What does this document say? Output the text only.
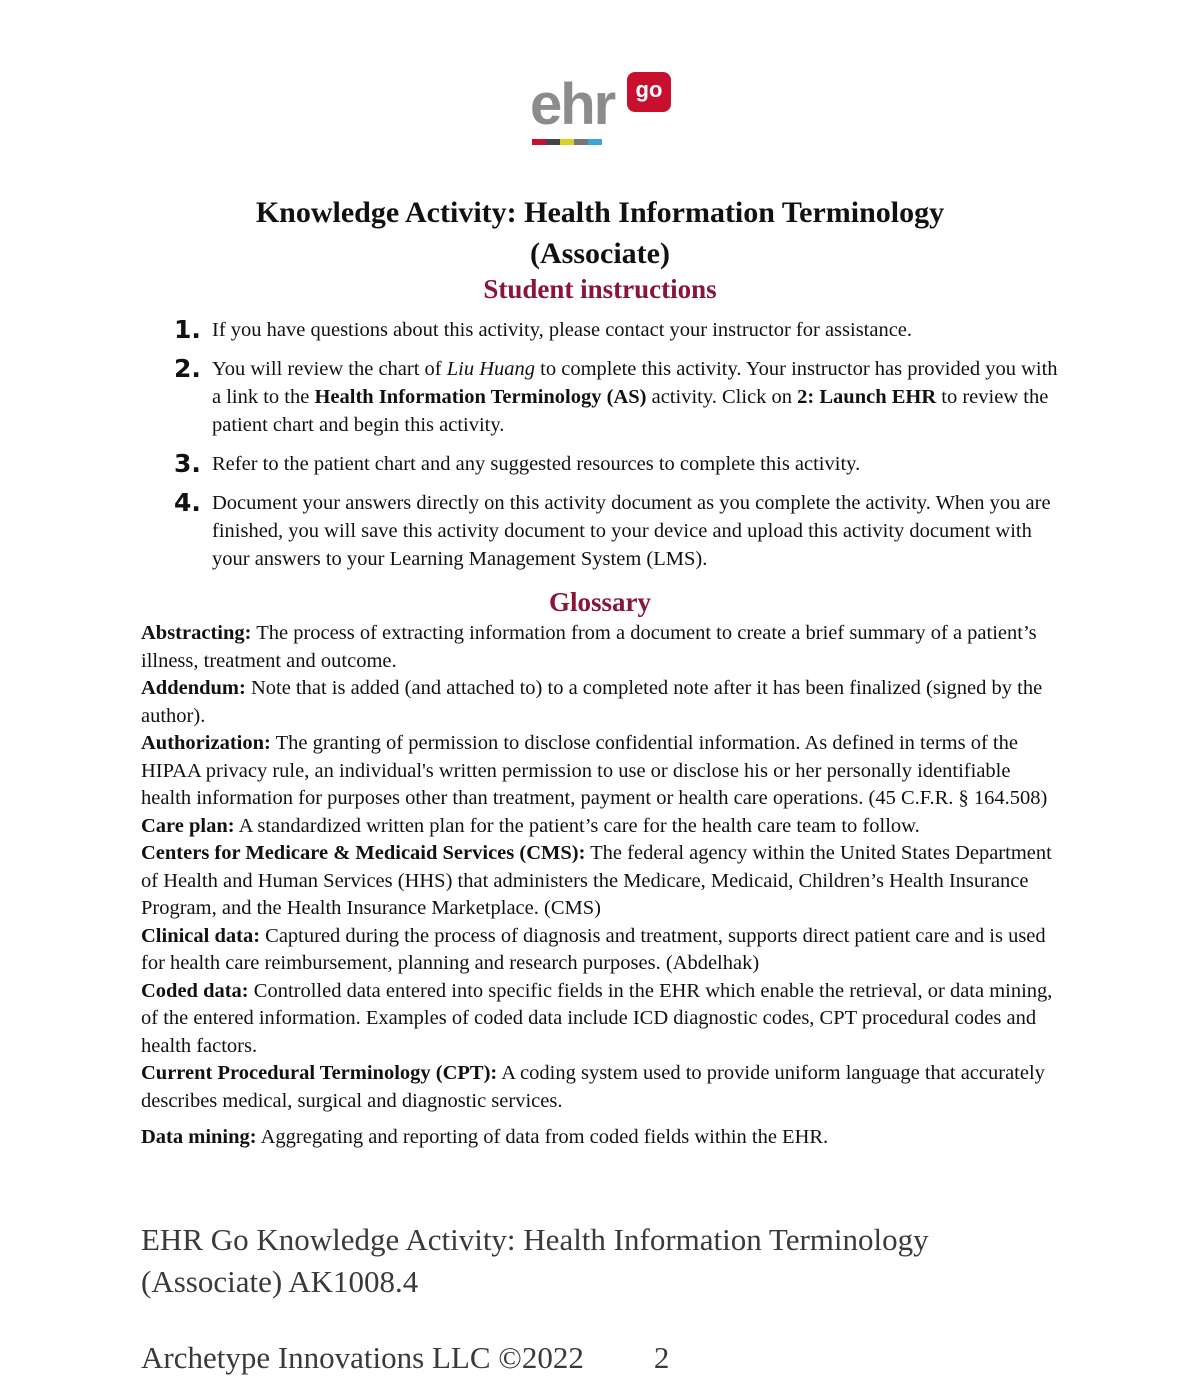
ehr go
Knowledge Activity: Health Information Terminology
(Associate)
Student instructions
1. If you have questions about this activity, please contact your instructor for assistance.
2. You will review the chart of Liu Huang to complete this activity. Your instructor has provided you with a link to the Health Information Terminology (AS) activity. Click on 2: Launch EHR to review the patient chart and begin this activity.
3. Refer to the patient chart and any suggested resources to complete this activity.
4. Document your answers directly on this activity document as you complete the activity. When you are finished, you will save this activity document to your device and upload this activity document with your answers to your Learning Management System (LMS).
Glossary

Abstracting: The process of extracting information from a document to create a brief summary of a patient’s illness, treatment and outcome.

Addendum: Note that is added (and attached to) to a completed note after it has been finalized (signed by the author).

Authorization: The granting of permission to disclose confidential information. As defined in terms of the HIPAA privacy rule, an individual's written permission to use or disclose his or her personally identifiable health information for purposes other than treatment, payment or health care operations. (45 C.F.R. § 164.508)

Care plan: A standardized written plan for the patient’s care for the health care team to follow.

Centers for Medicare & Medicaid Services (CMS): The federal agency within the United States Department of Health and Human Services (HHS) that administers the Medicare, Medicaid, Children’s Health Insurance Program, and the Health Insurance Marketplace. (CMS)

Clinical data: Captured during the process of diagnosis and treatment, supports direct patient care and is used for health care reimbursement, planning and research purposes. (Abdelhak)

Coded data: Controlled data entered into specific fields in the EHR which enable the retrieval, or data mining, of the entered information. Examples of coded data include ICD diagnostic codes, CPT procedural codes and health factors.

Current Procedural Terminology (CPT): A coding system used to provide uniform language that accurately describes medical, surgical and diagnostic services.

Data mining: Aggregating and reporting of data from coded fields within the EHR.

EHR Go Knowledge Activity: Health Information Terminology
(Associate) AK1008.4
Archetype Innovations LLC ©2022 2
